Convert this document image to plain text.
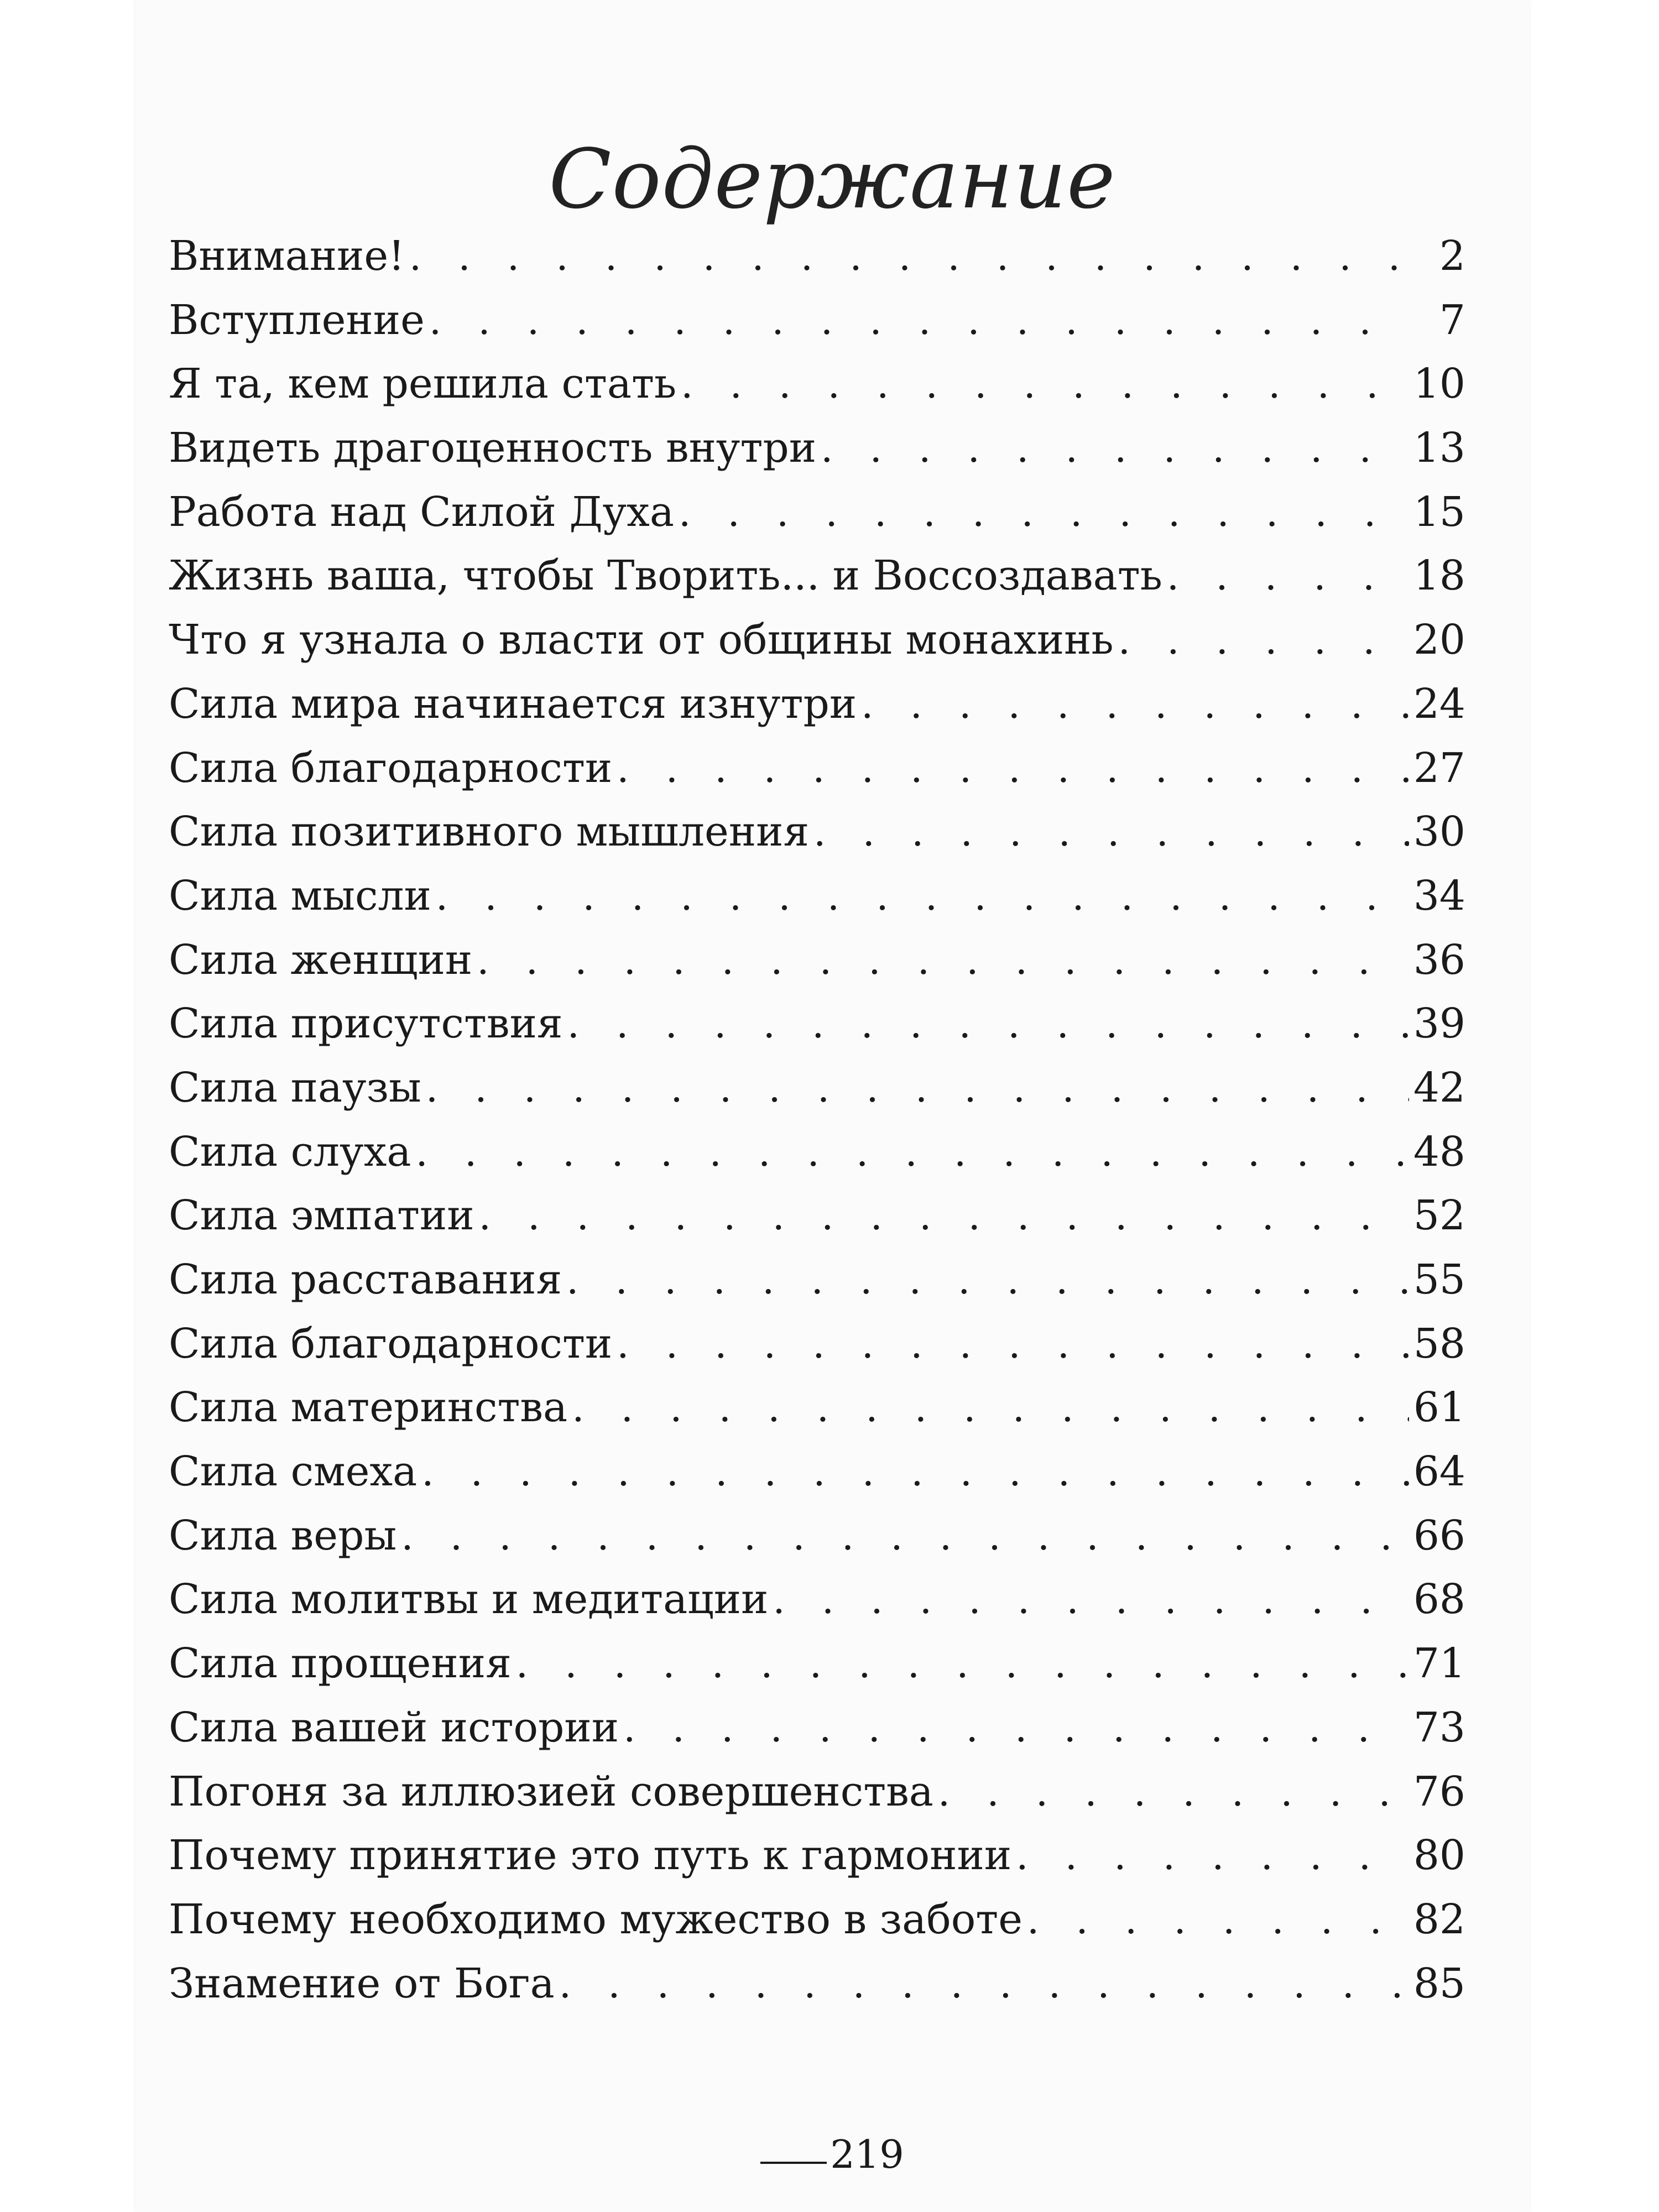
Содержание
Внимание! . . .	2
Вступление . . .	7
Я та, кем решила стать . . .	10
Видеть драгоценность внутри . . .	13
Работа над Силой Духа . . .	15
Жизнь ваша, чтобы Творить... и Воссоздавать . . .	18
Что я узнала о власти от общины монахинь . . .	20
Сила мира начинается изнутри . . .	24
Сила благодарности . . .	27
Сила позитивного мышления . . .	30
Сила мысли . . .	34
Сила женщин . . .	36
Сила присутствия . . .	39
Сила паузы . . .	42
Сила слуха . . .	48
Сила эмпатии . . .	52
Сила расставания . . .	55
Сила благодарности . . .	58
Сила материнства . . .	61
Сила смеха . . .	64
Сила веры . . .	66
Сила молитвы и медитации . . .	68
Сила прощения . . .	71
Сила вашей истории . . .	73
Погоня за иллюзией совершенства . . .	76
Почему принятие это путь к гармонии . . .	80
Почему необходимо мужество в заботе . . .	82
Знамение от Бога . . .	85
219
